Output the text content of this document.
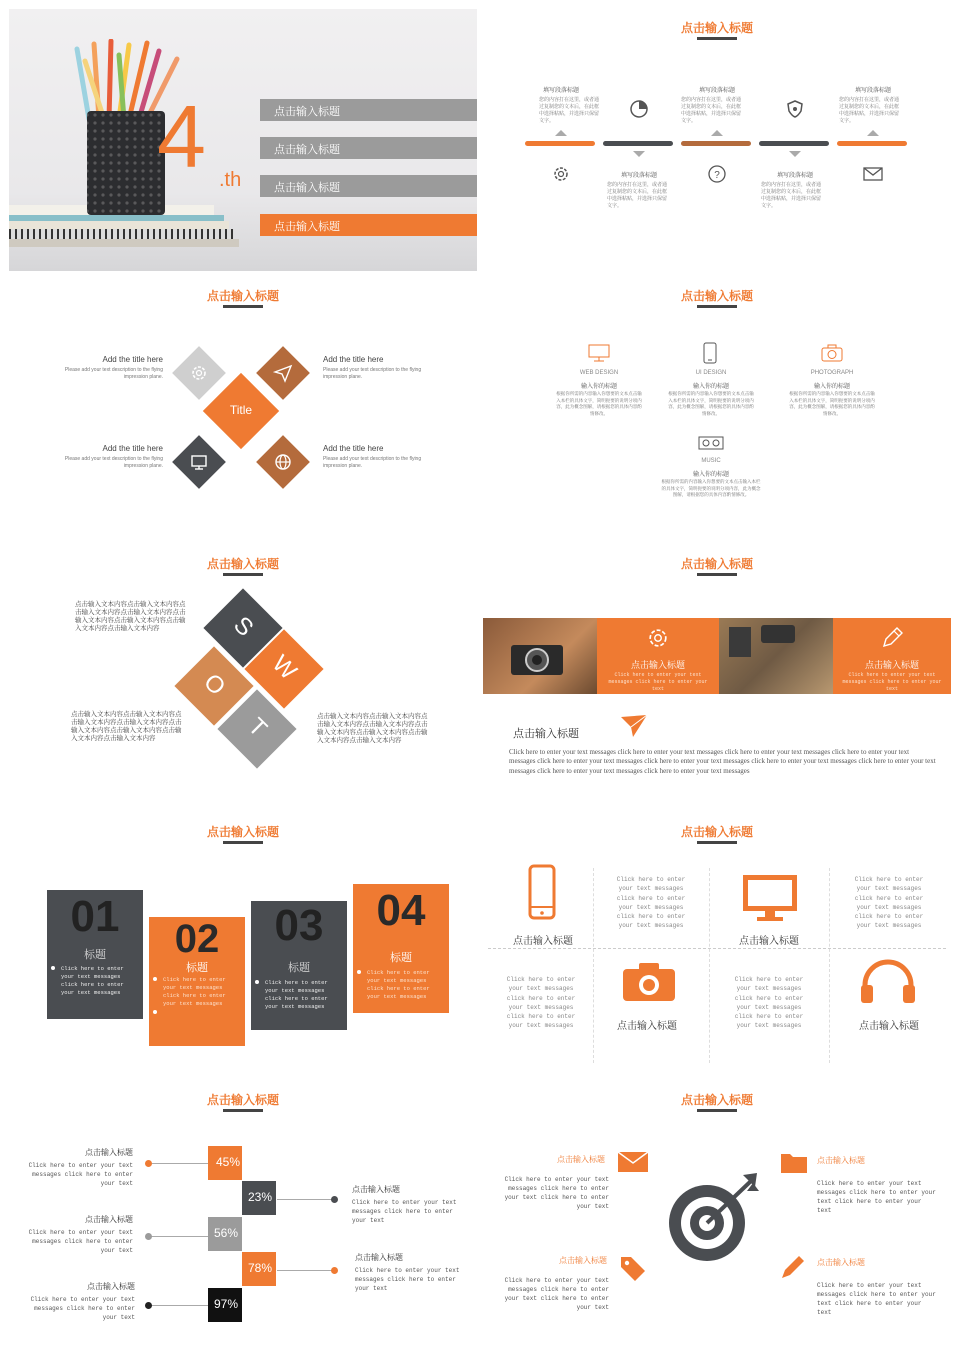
4 .th
点击输入标题
点击输入标题
点击输入标题
点击输入标题
点击输入标题
填写段落标题
您的内容打在这里，或者通过复制您的文本后，在此框中选择粘贴，并选择只保留文字。
填写段落标题
您的内容打在这里，或者通过复制您的文本后，在此框中选择粘贴，并选择只保留文字。
填写段落标题
您的内容打在这里，或者通过复制您的文本后，在此框中选择粘贴，并选择只保留文字。
?
填写段落标题
您的内容打在这里，或者通过复制您的文本后，在此框中选择粘贴，并选择只保留文字。
填写段落标题
您的内容打在这里，或者通过复制您的文本后，在此框中选择粘贴，并选择只保留文字。
点击输入标题
Title
Add the title here
Please add your text description to the flying impression plane.
Add the title here
Please add your text description to the flying impression plane.
Add the title here
Please add your text description to the flying impression plane.
Add the title here
Please add your text description to the flying impression plane.
点击输入标题
WEB DESIGN
输入你的标题
根据你所需的内容输入你想要的文本点击输入本栏的具体文字，简明扼要的说明分项内容，此为概念图解，请根据您的具体内容酌情修改。
UI DESIGN
输入你的标题
根据你所需的内容输入你想要的文本点击输入本栏的具体文字，简明扼要的说明分项内容，此为概念图解，请根据您的具体内容酌情修改。
PHOTOGRAPH
输入你的标题
根据你所需的内容输入你想要的文本点击输入本栏的具体文字，简明扼要的说明分项内容，此为概念图解，请根据您的具体内容酌情修改。
MUSIC
输入你的标题
根据你所需的内容输入你想要的文本点击输入本栏的具体文字，简明扼要的说明分项内容，此为概念图解，请根据您的具体内容酌情修改。
点击输入标题
S
W
O
T
点击输入文本内容点击输入文本内容点击输入文本内容点击输入文本内容点击输入文本内容点击输入文本内容点击输入文本内容点击输入文本内容
点击输入文本内容点击输入文本内容点击输入文本内容点击输入文本内容点击输入文本内容点击输入文本内容点击输入文本内容点击输入文本内容
点击输入文本内容点击输入文本内容点击输入文本内容点击输入文本内容点击输入文本内容点击输入文本内容点击输入文本内容点击输入文本内容
点击输入标题
点击输入标题
Click here to enter your text messages click here to enter your text
点击输入标题
Click here to enter your text messages click here to enter your text
点击输入标题
Click here to enter your text messages click here to enter your text messages click here to enter your text messages click here to enter your text messages click here to enter your text messages click here to enter your text messages click here to enter your text messages click here to enter your text messages click here to enter your text messages click here to enter your text messages
点击输入标题
01
标题
Click here to enter your text messages click here to enter your text messages
02
标题
Click here to enter your text messages click here to enter your text messages
03
标题
Click here to enter your text messages click here to enter your text messages
04
标题
Click here to enter your text messages click here to enter your text messages
点击输入标题
点击输入标题
Click here to enter your text messages click here to enter your text messages click here to enter your text messages
点击输入标题
Click here to enter your text messages click here to enter your text messages click here to enter your text messages
Click here to enter your text messages click here to enter your text messages click here to enter your text messages	点击输入标题
Click here to enter your text messages click here to enter your text messages click here to enter your text messages	点击输入标题
点击输入标题
45%
23%
56%
78%
97%
点击输入标题
Click here to enter your text messages click here to enter your text
点击输入标题
Click here to enter your text messages click here to enter your text
点击输入标题
Click here to enter your text messages click here to enter your text
点击输入标题
Click here to enter your text messages click here to enter your text
点击输入标题
Click here to enter your text messages click here to enter your text
点击输入标题
点击输入标题
Click here to enter your text messages click here to enter your text click here to enter your text
点击输入标题
Click here to enter your text messages click here to enter your text click here to enter your text
点击输入标题
Click here to enter your text messages click here to enter your text click here to enter your text
点击输入标题
Click here to enter your text messages click here to enter your text click here to enter your text
